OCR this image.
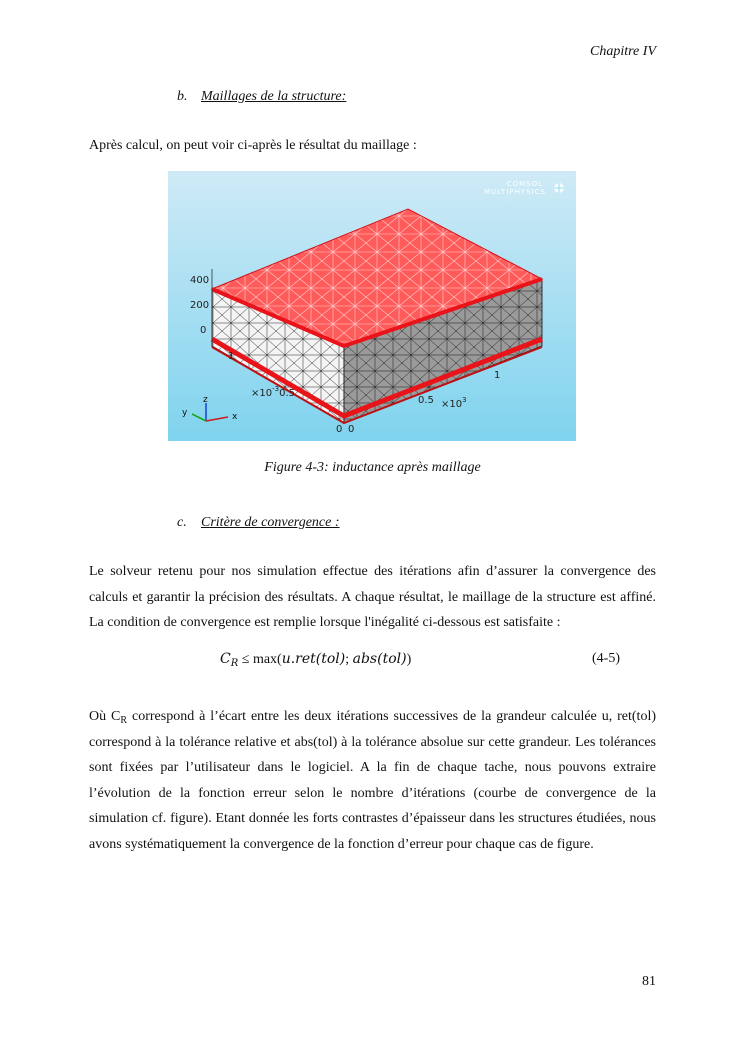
Chapitre IV
b. Maillages de la structure:
Après calcul, on peut voir ci-après le résultat du maillage :
COMSOL
MULTIPHYSICS
400
200
0
1
$\times 10^{-3}0.5$
1
$0.5 \times 10^3$
0 0
z
y	x
Figure 4-3: inductance après maillage
c. Critère de convergence :
Le solveur retenu pour nos simulation effectue des itérations afin d’assurer la convergence des calculs et garantir la précision des résultats. A chaque résultat, le maillage de la structure est affiné. La condition de convergence est remplie lorsque l'inégalité ci-dessous est satisfaite :
$C_R \le \max(u.ret(tol)$; abs(tol))	(4-5)
Où $C_R$ correspond à l’écart entre les deux itérations successives de la grandeur calculée u, ret(tol) correspond à la tolérance relative et abs(tol) à la tolérance absolue sur cette grandeur. Les tolérances sont fixées par l’utilisateur dans le logiciel. A la fin de chaque tache, nous pouvons extraire l’évolution de la fonction erreur selon le nombre d’itérations (courbe de convergence de la simulation cf. figure). Etant donnée les forts contrastes d’épaisseur dans les structures étudiées, nous avons systématiquement la convergence de la fonction d’erreur pour chaque cas de figure.
81
